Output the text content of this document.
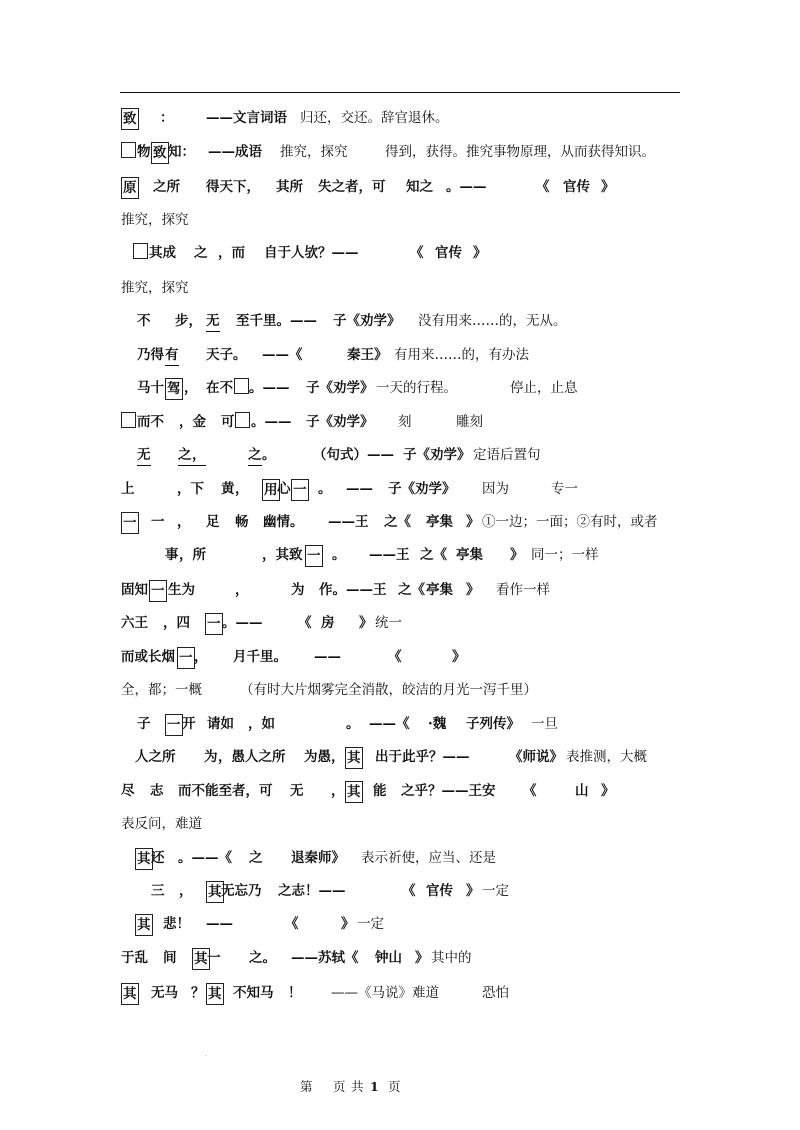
致 ： ——文言词语 归还，交还。辞官退休。
物 致 知： ——成语 推究，探究	得到，获得。推究事物原理，从而获得知识。
原 之所 得天下， 其所 失之者，可 知之 。——	《 官传 》
推究，探究
其成 之 ，而 自于人欤？——	《 官传 》
推究，探究
不 步， 无 至千里。—— 子《劝学》 没有用来……的，无从。
乃得 有 天子。 ——《	秦王》 有用来……的，有办法
马十 驾 ， 在不 。—— 子《劝学》 一天的行程。	停止，止息
而不 ，金 可 。—— 子《劝学》 刻	雕刻
无 之 ，	之 。	（句式）—— 子《劝学》 定语后置句
上	，下 黄 ， 用 心 一 。 —— 子《劝学》 因为	专一
一 一 ， 足 畅 幽情。 ——王 之《 亭集 》 ①一边；一面；②有时，或者
事 ，所	，其致 一 。 ——王 之《 亭集 》 同一；一样
固知 一 生为	，	为 作。——王 之《 亭集 》 看作一样
六王 ，四 一 。——	《 房 》 统一
而或长烟 一 ， 月千里。 ——	《	》
全，都；一概	（有时大片烟雾完全消散，皎洁的月光一泻千里）
子 一 开 请如 ，如	。 ——《 ·魏 子列传》 一旦
人之所 为 ，愚人之所 为愚， 其 出于此乎？——	《师说》 表推测，大概
尽 志 而不能至者，可 无 ， 其 能 之乎？——王安 《	山 》
表反问，难道
其 还 。——《 之 退秦师》 表示祈使，应当、还是
三 ， 其 无忘乃 之志！——	《 官传 》 一定
其 悲！ ——	《	》 一定
于乱 间 其 一 之。 ——苏轼《 钟山 》 其中的
其 无马 ？ 其 不知马 ！ ——《马说》难道	恐怕
.
第 页 共 1 页
